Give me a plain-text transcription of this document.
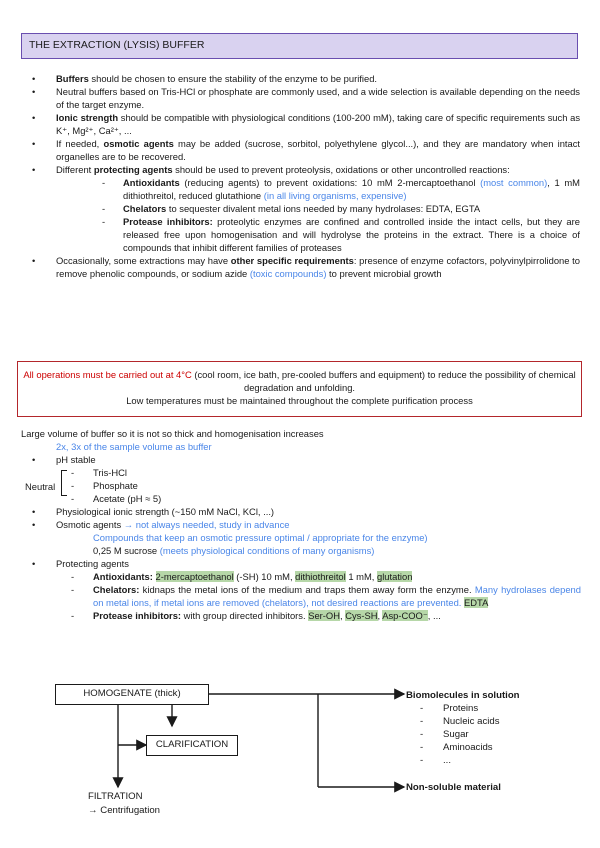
THE EXTRACTION (LYSIS) BUFFER
• Buffers should be chosen to ensure the stability of the enzyme to be purified.
• Neutral buffers based on Tris-HCl or phosphate are commonly used, and a wide selection is available depending on the needs of the target enzyme.
• Ionic strength should be compatible with physiological conditions (100-200 mM), taking care of specific requirements such as K⁺, Mg²⁺, Ca²⁺, ...
• If needed, osmotic agents may be added (sucrose, sorbitol, polyethylene glycol...), and they are mandatory when intact organelles are to be recovered.
• Different protecting agents should be used to prevent proteolysis, oxidations or other uncontrolled reactions:
- Antioxidants (reducing agents) to prevent oxidations: 10 mM 2-mercaptoethanol (most common), 1 mM dithiothreitol, reduced glutathione (in all living organisms, expensive)
- Chelators to sequester divalent metal ions needed by many hydrolases: EDTA, EGTA
- Protease inhibitors: proteolytic enzymes are confined and controlled inside the intact cells, but they are released free upon homogenisation and will hydrolyse the proteins in the extract. There is a choice of compounds that inhibit different families of proteases
• Occasionally, some extractions may have other specific requirements: presence of enzyme cofactors, polyvinylpirrolidone to remove phenolic compounds, or sodium azide (toxic compounds) to prevent microbial growth
All operations must be carried out at 4°C (cool room, ice bath, pre-cooled buffers and equipment) to reduce the possibility of chemical degradation and unfolding.
Low temperatures must be maintained throughout the complete purification process
Large volume of buffer so it is not so thick and homogenisation increases
2x, 3x of the sample volume as buffer
• pH stable
Neutral
- Tris-HCl
- Phosphate
- Acetate (pH ≈ 5)
• Physiological ionic strength (~150 mM NaCl, KCl, ...)
• Osmotic agents → not always needed, study in advance
Compounds that keep an osmotic pressure optimal / appropriate for the enzyme)
0,25 M sucrose (meets physiological conditions of many organisms)
• Protecting agents
- Antioxidants: 2-mercaptoethanol (-SH) 10 mM, dithiothreitol 1 mM, glutation
- Chelators: kidnaps the metal ions of the medium and traps them away form the enzyme. Many hydrolases depend on metal ions, if metal ions are removed (chelators), not desired reactions are prevented. EDTA
- Protease inhibitors: with group directed inhibitors. Ser-OH, Cys-SH, Asp-COO⁻, ...
HOMOGENATE (thick)
CLARIFICATION
FILTRATION
→ Centrifugation
Biomolecules in solution
- Proteins
- Nucleic acids
- Sugar
- Aminoacids
- ...
Non-soluble material
